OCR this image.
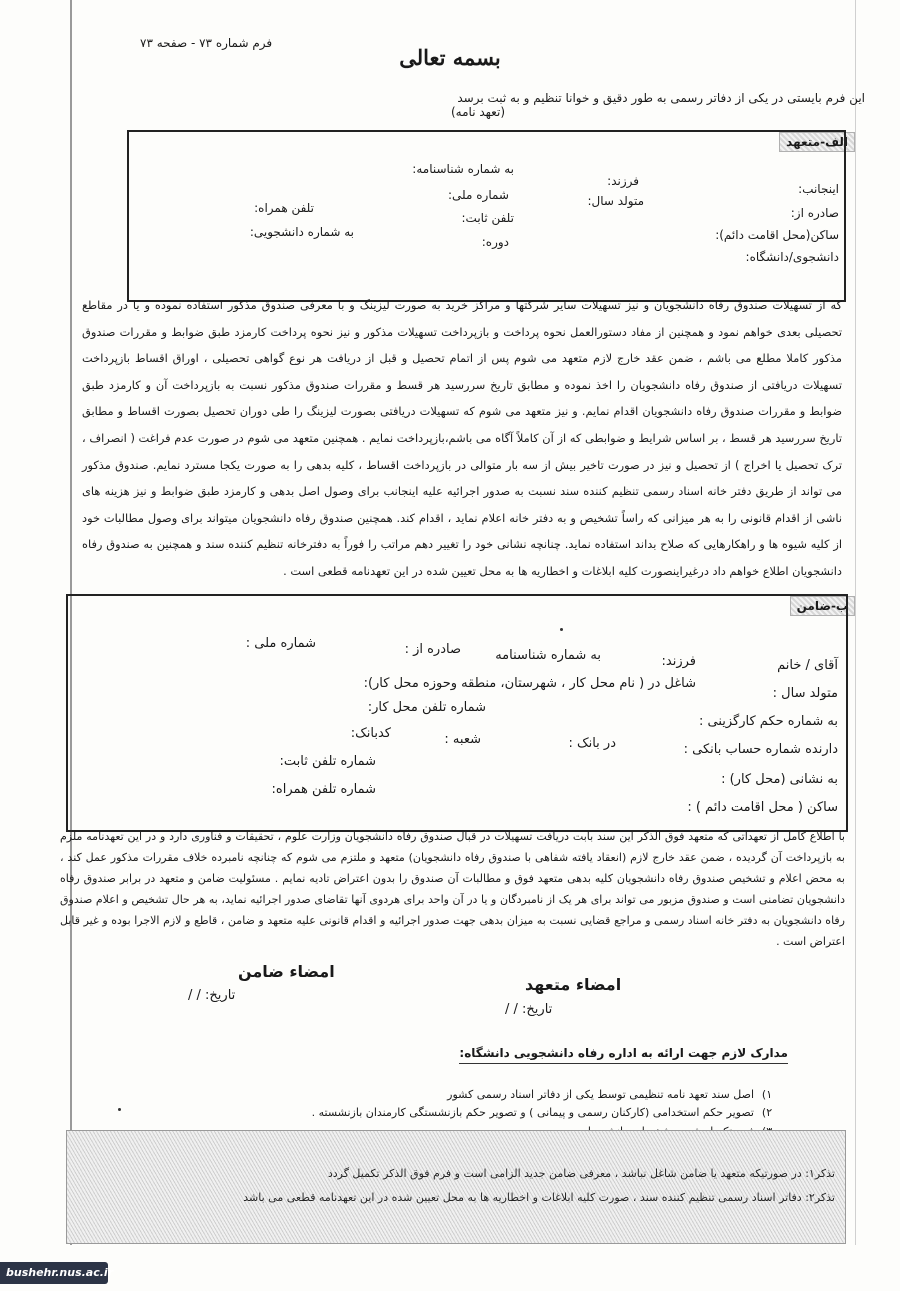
فرم شماره ۷۳ - صفحه ۷۳
بسمه تعالی
این فرم بایستی در یکی از دفاتر رسمی به طور دقیق و خوانا تنظیم و به ثبت برسد
(تعهد نامه)
الف-متعهد
اینجانب:
فرزند:
به شماره شناسنامه:
صادره از:
متولد سال:
شماره ملی:
تلفن همراه:
ساکن(محل اقامت دائم):
تلفن ثابت:
به شماره دانشجویی:
دانشجوی/دانشگاه:
دوره:
که از تسهیلات صندوق رفاه دانشجویان و نیز تسهیلات سایر شرکتها و مراکز خرید به صورت لیزینگ و با معرفی صندوق مذکور استفاده نموده و یا در مقاطع تحصیلی بعدی خواهم نمود و همچنین از مفاد دستورالعمل نحوه پرداخت و بازپرداخت تسهیلات مذکور و نیز نحوه پرداخت کارمزد طبق ضوابط و مقررات صندوق مذکور کاملا مطلع می باشم ، ضمن عقد خارج لازم متعهد می شوم پس از اتمام تحصیل و قبل از دریافت هر نوع گواهی تحصیلی ، اوراق اقساط بازپرداخت تسهیلات دریافتی از صندوق رفاه دانشجویان را اخذ نموده و مطابق تاریخ سررسید هر قسط و مقررات صندوق مذکور نسبت به بازپرداخت آن و کارمزد طبق ضوابط و مقررات صندوق رفاه دانشجویان اقدام نمایم. و نیز متعهد می شوم که تسهیلات دریافتی بصورت لیزینگ را طی دوران تحصیل بصورت اقساط و مطابق تاریخ سررسید هر قسط ، بر اساس شرایط و ضوابطی که از آن کاملاً آگاه می باشم،بازپرداخت نمایم . همچنین متعهد می شوم در صورت عدم فراغت ( انصراف ، ترک تحصیل یا اخراج ) از تحصیل و نیز در صورت تاخیر بیش از سه بار متوالی در بازپرداخت اقساط ، کلیه بدهی را به صورت یکجا مسترد نمایم. صندوق مذکور می تواند از طریق دفتر خانه اسناد رسمی تنظیم کننده سند نسبت به صدور اجرائیه علیه اینجانب برای وصول اصل بدهی و کارمزد طبق ضوابط و نیز هزینه های ناشی از اقدام قانونی را به هر میزانی که راساً تشخیص و به دفتر خانه اعلام نماید ، اقدام کند. همچنین صندوق رفاه دانشجویان میتواند برای وصول مطالبات خود از کلیه شیوه ها و راهکارهایی که صلاح بداند استفاده نماید. چنانچه نشانی خود را تغییر دهم مراتب را فوراً به دفترخانه تنظیم کننده سند و همچنین به صندوق رفاه دانشجویان اطلاع خواهم داد درغیراینصورت کلیه ابلاغات و اخطاریه ها به محل تعیین شده در این تعهدنامه قطعی است .
ب-ضامن
آقای / خانم
فرزند:
به شماره شناسنامه
صادره از :
شماره ملی :
متولد سال :
شاغل در ( نام محل کار ، شهرستان، منطقه وحوزه محل کار):
شماره تلفن محل کار:
به شماره حکم کارگزینی :
دارنده شماره حساب بانکی :
در بانک :
شعبه :
کدبانک:
به نشانی (محل کار) :
شماره تلفن ثابت:
ساکن ( محل اقامت دائم ) :
شماره تلفن همراه:
با اطلاع کامل از تعهداتی که متعهد فوق الذکر این سند بابت دریافت تسهیلات در قبال صندوق رفاه دانشجویان وزارت علوم ، تحقیقات و فناوری دارد و در این تعهدنامه ملزم به بازپرداخت آن گردیده ، ضمن عقد خارج لازم (انعقاد یافته شفاهی با صندوق رفاه دانشجویان) متعهد و ملتزم می شوم که چنانچه نامبرده خلاف مقررات مذکور عمل کند ، به محض اعلام و تشخیص صندوق رفاه دانشجویان کلیه بدهی متعهد فوق و مطالبات آن صندوق را بدون اعتراض تادیه نمایم . مسئولیت ضامن و متعهد در برابر صندوق رفاه دانشجویان تضامنی است و صندوق مزبور می تواند برای هر یک از نامبردگان و یا در آن واحد برای هردوی آنها تقاضای صدور اجرائیه نماید، به هر حال تشخیص و اعلام صندوق رفاه دانشجویان به دفتر خانه اسناد رسمی و مراجع قضایی نسبت به میزان بدهی جهت صدور اجرائیه و اقدام قانونی علیه متعهد و ضامن ، قاطع و لازم الاجرا بوده و غیر قابل اعتراض است .
امضاء ضامن
تاریخ: / /
امضاء متعهد
تاریخ: / /
مدارک لازم جهت ارائه به اداره رفاه دانشجویی دانشگاه:
۱)اصل سند تعهد نامه تنظیمی توسط یکی از دفاتر اسناد رسمی کشور
۲)تصویر حکم استخدامی (کارکنان رسمی و پیمانی ) و تصویر حکم بازنشستگی کارمندان بازنشسته .
تذکر۱: در صورتیکه متعهد یا ضامن شاغل نباشد ، معرفی ضامن جدید الزامی است و فرم فوق الذکر تکمیل گردد
تذکر۲: دفاتر اسناد رسمی تنظیم کننده سند ، صورت کلیه ابلاغات و اخطاریه ها به محل تعیین شده در این تعهدنامه قطعی می باشد
bushehr.nus.ac.ir
